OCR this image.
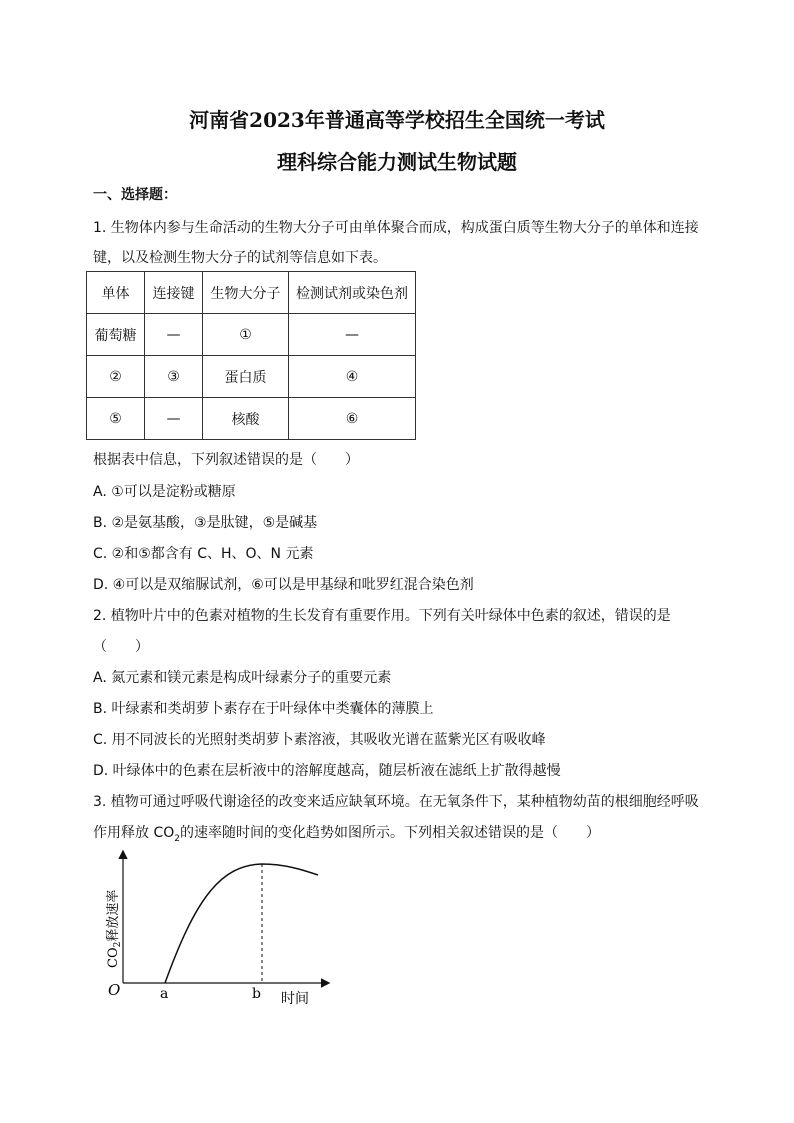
河南省2023年普通高等学校招生全国统一考试
理科综合能力测试生物试题
一、选择题：
1. 生物体内参与生命活动的生物大分子可由单体聚合而成，构成蛋白质等生物大分子的单体和连接
键，以及检测生物大分子的试剂等信息如下表。
单体	连接键	生物大分子	检测试剂或染色剂
葡萄糖	—	①	—
②	③	蛋白质	④
⑤	—	核酸	⑥
根据表中信息，下列叙述错误的是（　　）
A. ①可以是淀粉或糖原
B. ②是氨基酸，③是肽键，⑤是碱基
C. ②和⑤都含有 C、H、O、N 元素
D. ④可以是双缩脲试剂，⑥可以是甲基绿和吡罗红混合染色剂
2. 植物叶片中的色素对植物的生长发育有重要作用。下列有关叶绿体中色素的叙述，错误的是
（　　）
A. 氮元素和镁元素是构成叶绿素分子的重要元素
B. 叶绿素和类胡萝卜素存在于叶绿体中类囊体的薄膜上
C. 用不同波长的光照射类胡萝卜素溶液，其吸收光谱在蓝紫光区有吸收峰
D. 叶绿体中的色素在层析液中的溶解度越高，随层析液在滤纸上扩散得越慢
3. 植物可通过呼吸代谢途径的改变来适应缺氧环境。在无氧条件下，某种植物幼苗的根细胞经呼吸
作用释放 $CO_2$的速率随时间的变化趋势如图所示。下列相关叙述错误的是（　　）
O	a	b 时间
$CO_2$释放速率
